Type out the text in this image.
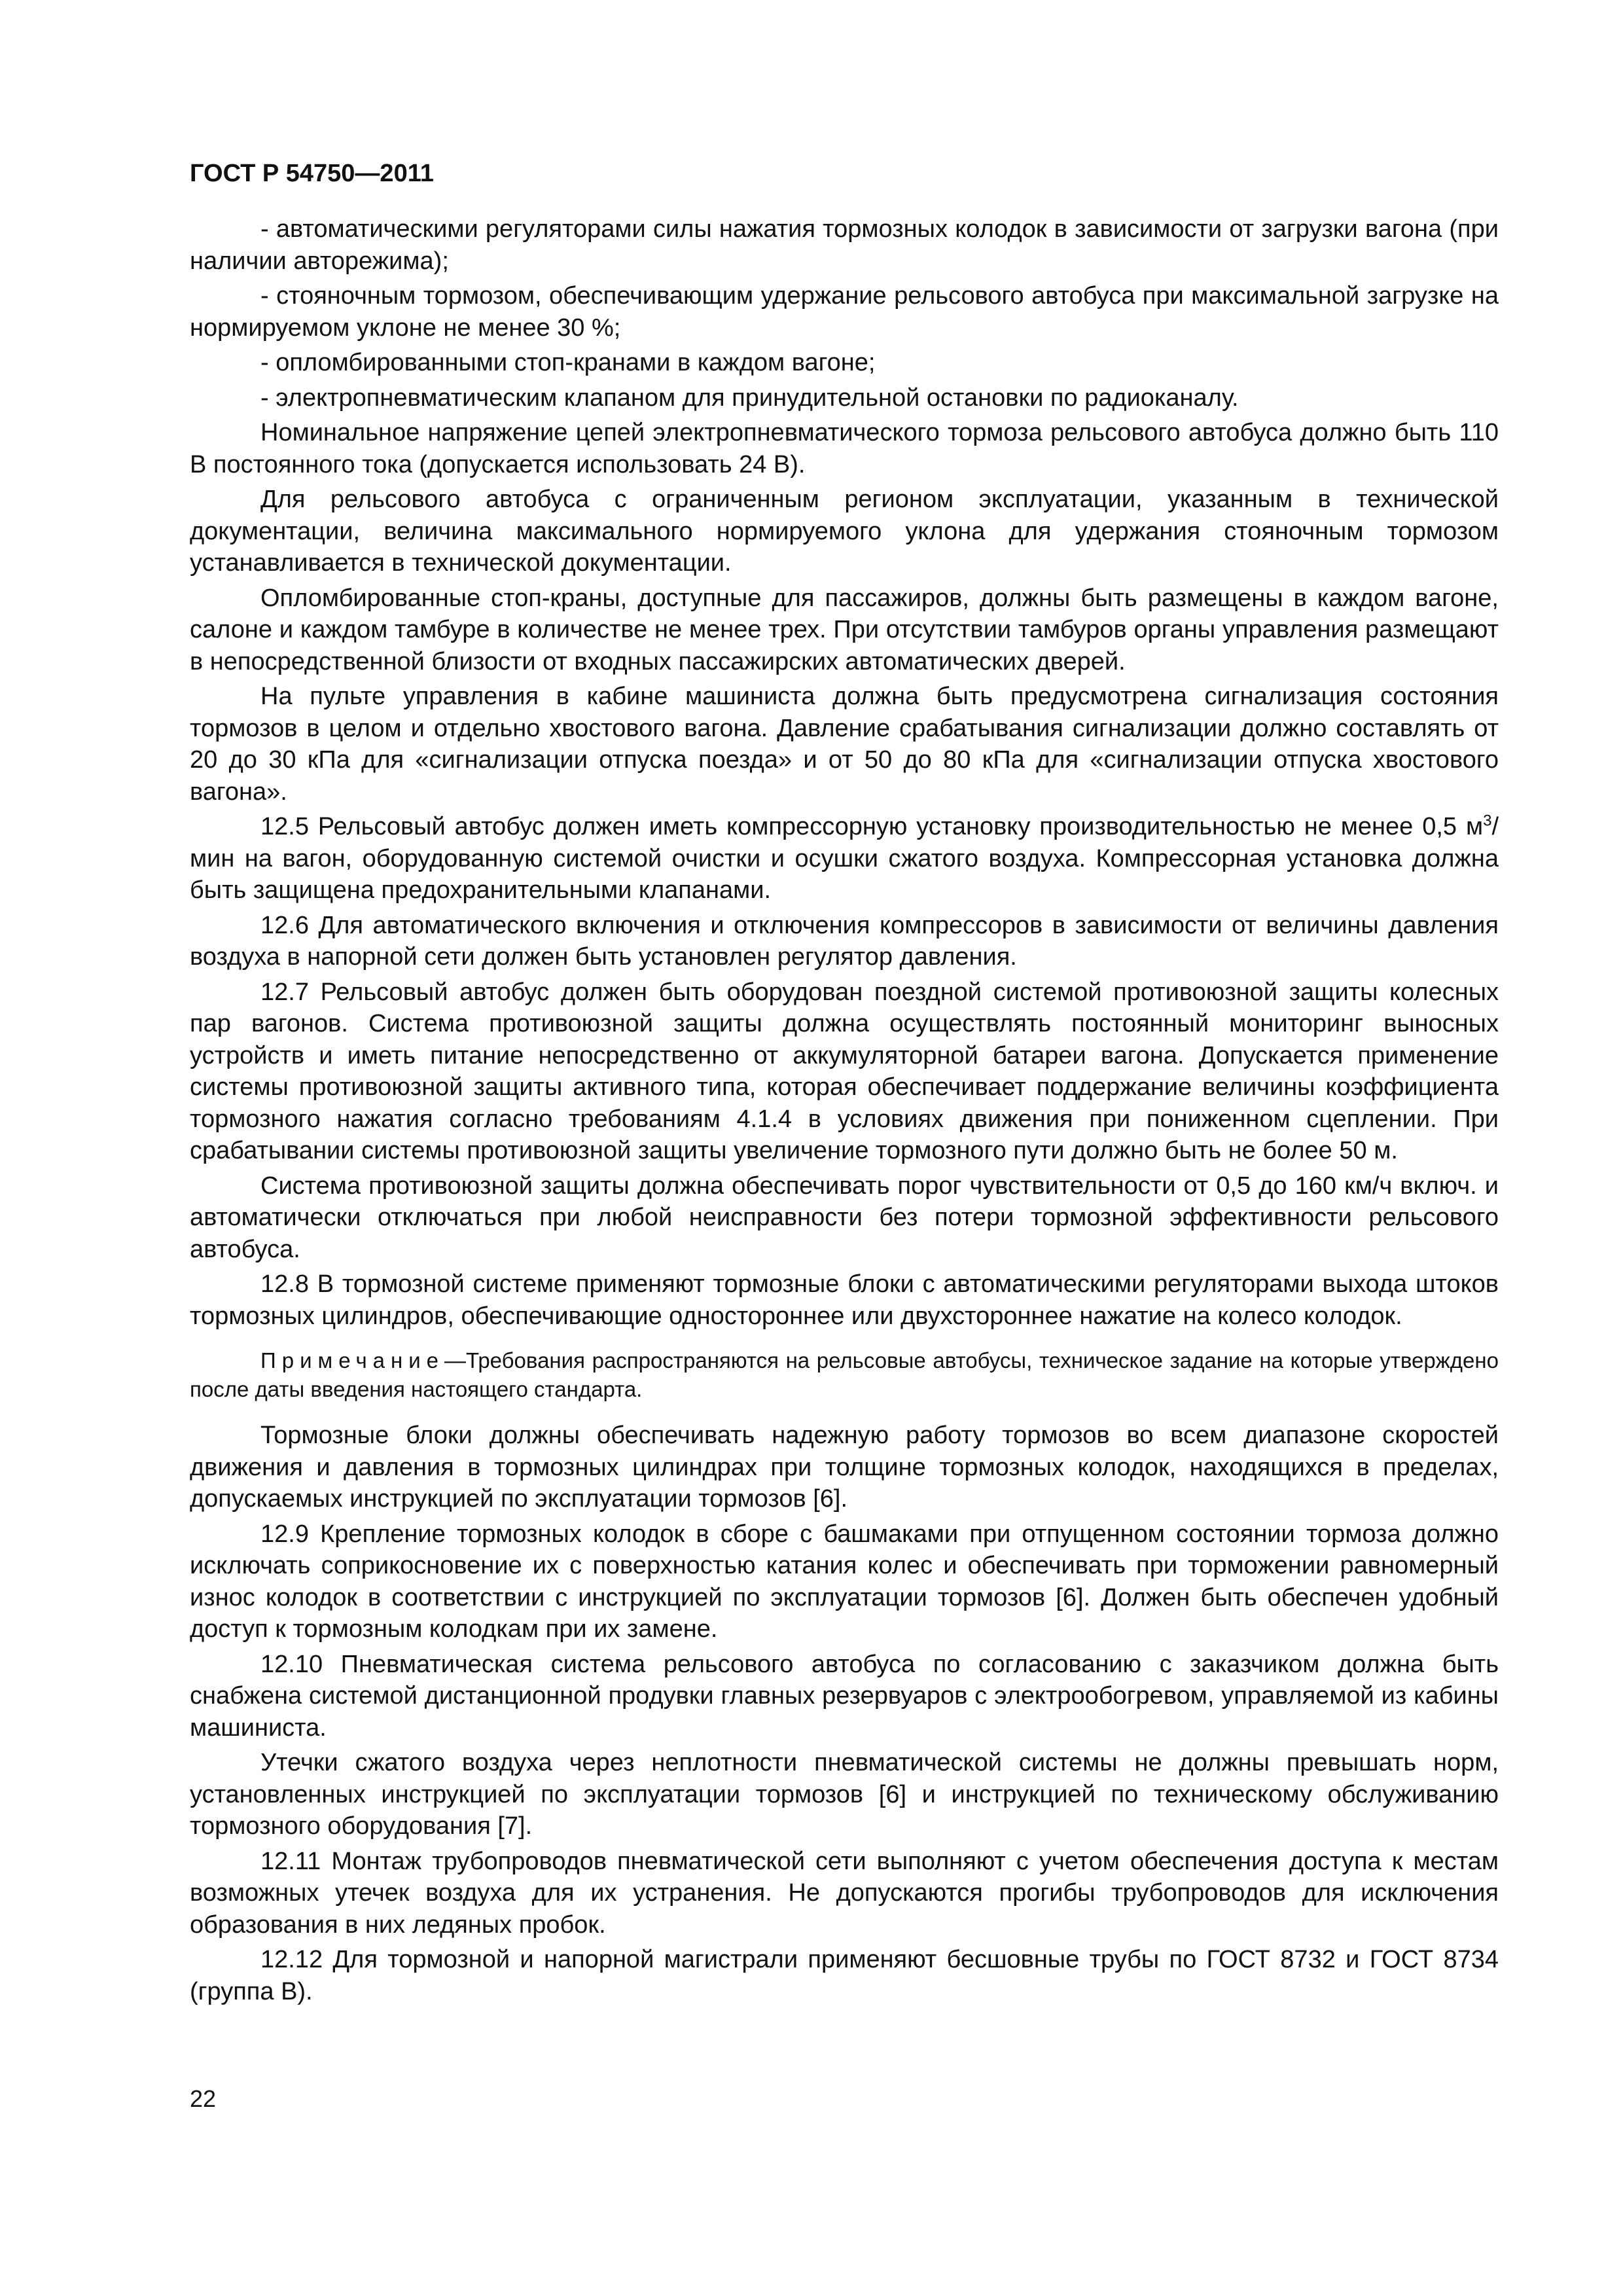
ГОСТ Р 54750—2011

- автоматическими регуляторами силы нажатия тормозных колодок в зависимости от загрузки вагона (при наличии авторежима);

- стояночным тормозом, обеспечивающим удержание рельсового автобуса при максимальной загрузке на нормируемом уклоне не менее 30 %;

- опломбированными стоп-кранами в каждом вагоне;

- электропневматическим клапаном для принудительной остановки по радиоканалу.

Номинальное напряжение цепей электропневматического тормоза рельсового автобуса должно быть 110 В постоянного тока (допускается использовать 24 В).

Для рельсового автобуса с ограниченным регионом эксплуатации, указанным в технической документации, величина максимального нормируемого уклона для удержания стояночным тормозом устанавливается в технической документации.

Опломбированные стоп-краны, доступные для пассажиров, должны быть размещены в каждом вагоне, салоне и каждом тамбуре в количестве не менее трех. При отсутствии тамбуров органы управления размещают в непосредственной близости от входных пассажирских автоматических дверей.

На пульте управления в кабине машиниста должна быть предусмотрена сигнализация состояния тормозов в целом и отдельно хвостового вагона. Давление срабатывания сигнализации должно составлять от 20 до 30 кПа для «сигнализации отпуска поезда» и от 50 до 80 кПа для «сигнализации отпуска хвостового вагона».

12.5 Рельсовый автобус должен иметь компрессорную установку производительностью не менее 0,5 $м^3$/мин на вагон, оборудованную системой очистки и осушки сжатого воздуха. Компрессорная установка должна быть защищена предохранительными клапанами.

12.6 Для автоматического включения и отключения компрессоров в зависимости от величины давления воздуха в напорной сети должен быть установлен регулятор давления.

12.7 Рельсовый автобус должен быть оборудован поездной системой противоюзной защиты колесных пар вагонов. Система противоюзной защиты должна осуществлять постоянный мониторинг выносных устройств и иметь питание непосредственно от аккумуляторной батареи вагона. Допускается применение системы противоюзной защиты активного типа, которая обеспечивает поддержание величины коэффициента тормозного нажатия согласно требованиям 4.1.4 в условиях движения при пониженном сцеплении. При срабатывании системы противоюзной защиты увеличение тормозного пути должно быть не более 50 м.

Система противоюзной защиты должна обеспечивать порог чувствительности от 0,5 до 160 км/ч включ. и автоматически отключаться при любой неисправности без потери тормозной эффективности рельсового автобуса.

12.8 В тормозной системе применяют тормозные блоки с автоматическими регуляторами выхода штоков тормозных цилиндров, обеспечивающие одностороннее или двухстороннее нажатие на колесо колодок.

Примечание—Требования распространяются на рельсовые автобусы, техническое задание на которые утверждено после даты введения настоящего стандарта.

Тормозные блоки должны обеспечивать надежную работу тормозов во всем диапазоне скоростей движения и давления в тормозных цилиндрах при толщине тормозных колодок, находящихся в пределах, допускаемых инструкцией по эксплуатации тормозов [6].

12.9 Крепление тормозных колодок в сборе с башмаками при отпущенном состоянии тормоза должно исключать соприкосновение их с поверхностью катания колес и обеспечивать при торможении равномерный износ колодок в соответствии с инструкцией по эксплуатации тормозов [6]. Должен быть обеспечен удобный доступ к тормозным колодкам при их замене.

12.10 Пневматическая система рельсового автобуса по согласованию с заказчиком должна быть снабжена системой дистанционной продувки главных резервуаров с электрообогревом, управляемой из кабины машиниста.

Утечки сжатого воздуха через неплотности пневматической системы не должны превышать норм, установленных инструкцией по эксплуатации тормозов [6] и инструкцией по техническому обслуживанию тормозного оборудования [7].

12.11 Монтаж трубопроводов пневматической сети выполняют с учетом обеспечения доступа к местам возможных утечек воздуха для их устранения. Не допускаются прогибы трубопроводов для исключения образования в них ледяных пробок.

12.12 Для тормозной и напорной магистрали применяют бесшовные трубы по ГОСТ 8732 и ГОСТ 8734 (группа В).

22
